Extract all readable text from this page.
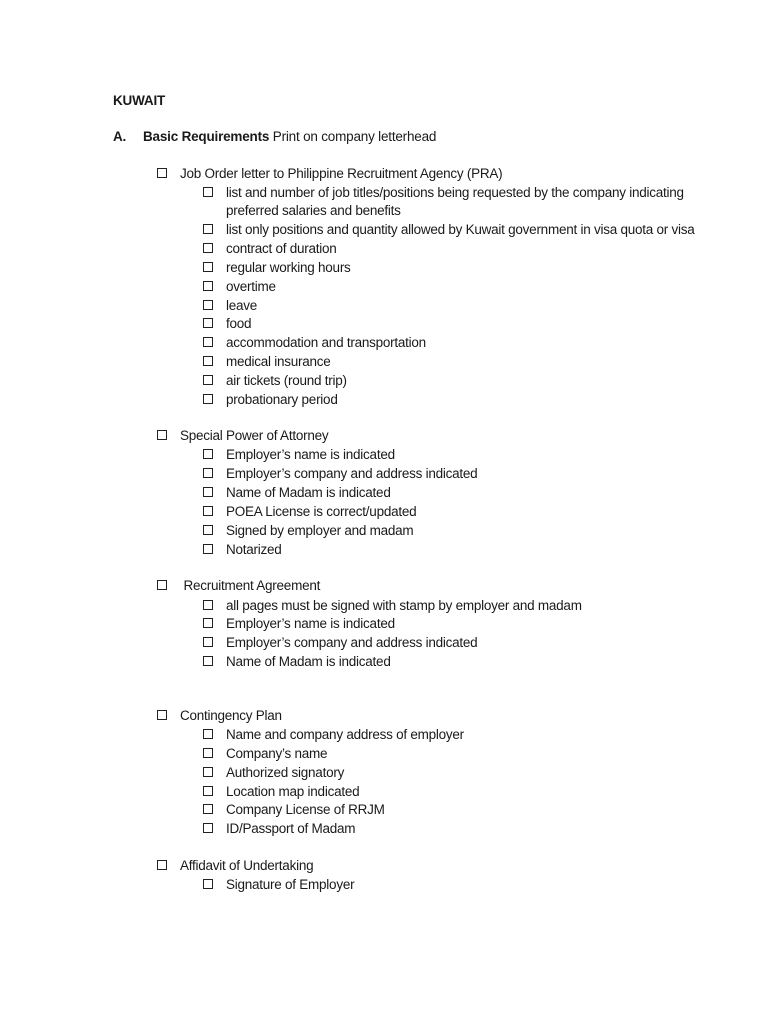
KUWAIT
A. Basic Requirements Print on company letterhead
Job Order letter to Philippine Recruitment Agency (PRA)
list and number of job titles/positions being requested by the company indicating
preferred salaries and benefits
list only positions and quantity allowed by Kuwait government in visa quota or visa
contract of duration
regular working hours
overtime
leave
food
accommodation and transportation
medical insurance
air tickets (round trip)
probationary period
Special Power of Attorney
Employer’s name is indicated
Employer’s company and address indicated
Name of Madam is indicated
POEA License is correct/updated
Signed by employer and madam
Notarized
Recruitment Agreement
all pages must be signed with stamp by employer and madam
Employer’s name is indicated
Employer’s company and address indicated
Name of Madam is indicated
Contingency Plan
Name and company address of employer
Company’s name
Authorized signatory
Location map indicated
Company License of RRJM
ID/Passport of Madam
Affidavit of Undertaking
Signature of Employer
